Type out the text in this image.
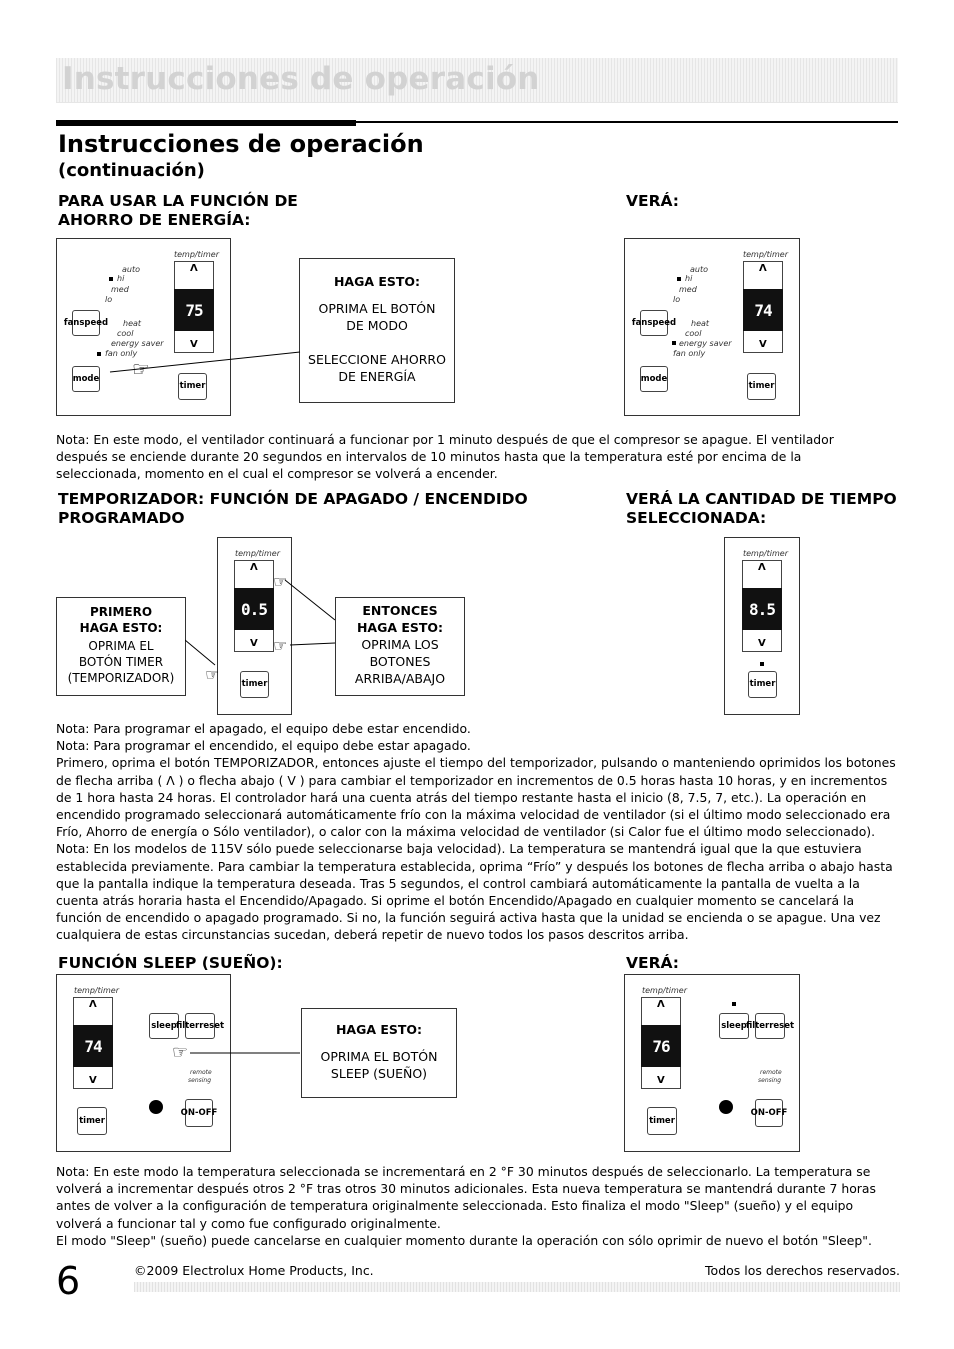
Instrucciones de operación
Instrucciones de operación
(continuación)
PARA USAR LA FUNCIÓN DE
AHORRO DE ENERGÍA:
VERÁ:
temp/timer
auto
hi
med
lo
fan speed heat
cool
energy saver
fan only
mode
Λ
75
V
timer
HAGA ESTO:
OPRIMA EL BOTÓN
DE MODO
SELECCIONE AHORRO
DE ENERGÍA
☞
temp/timer
auto
hi
med
lo
fan speed heat
cool
energy saver
fan only
mode
Λ
74
V
timer

Nota: En este modo, el ventilador continuará a funcionar por 1 minuto después de que el compresor se apague. El ventilador

después se enciende durante 20 segundos en intervalos de 10 minutos hasta que la temperatura esté por encima de la

seleccionada, momento en el cual el compresor se volverá a encender.

TEMPORIZADOR: FUNCIÓN DE APAGADO / ENCENDIDO
PROGRAMADO
VERÁ LA CANTIDAD DE TIEMPO
SELECCIONADA:
PRIMERO
HAGA ESTO:
OPRIMA EL
BOTÓN TIMER
(TEMPORIZADOR)
temp/timer
Λ
0.5
V
timer
☞
☞
☞
ENTONCES
HAGA ESTO:
OPRIMA LOS
BOTONES
ARRIBA/ABAJO
temp/timer
Λ
8.5
V
timer

Nota: Para programar el apagado, el equipo debe estar encendido.

Nota: Para programar el encendido, el equipo debe estar apagado.

Primero, oprima el botón TEMPORIZADOR, entonces ajuste el tiempo del temporizador, pulsando o manteniendo oprimidos los botones

de flecha arriba ( Λ ) o flecha abajo ( V ) para cambiar el temporizador en incrementos de 0.5 horas hasta 10 horas, y en incrementos

de 1 hora hasta 24 horas. El controlador hará una cuenta atrás del tiempo restante hasta el inicio (8, 7.5, 7, etc.). La operación en

encendido programado seleccionará automáticamente frío con la máxima velocidad de ventilador (si el último modo seleccionado era

Frío, Ahorro de energía o Sólo ventilador), o calor con la máxima velocidad de ventilador (si Calor fue el último modo seleccionado).

Nota: En los modelos de 115V sólo puede seleccionarse baja velocidad). La temperatura se mantendrá igual que la que estuviera

establecida previamente. Para cambiar la temperatura establecida, oprima “Frío” y después los botones de flecha arriba o abajo hasta

que la pantalla indique la temperatura deseada. Tras 5 segundos, el control cambiará automáticamente la pantalla de vuelta a la

cuenta atrás horaria hasta el Encendido/Apagado. Si oprime el botón Encendido/Apagado en cualquier momento se cancelará la

función de encendido o apagado programado. Si no, la función seguirá activa hasta que la unidad se encienda o se apague. Una vez

cualquiera de estas circunstancias sucedan, deberá repetir de nuevo todos los pasos descritos arriba.

FUNCIÓN SLEEP (SUEÑO):	VERÁ:
temp/timer
Λ
74
V
sleep filter reset
remote
sensing
timer
ON- OFF
☞
HAGA ESTO:
OPRIMA EL BOTÓN
SLEEP (SUEÑO)
temp/timer
Λ
76
V
sleep filter reset
remote
sensing
timer
ON- OFF

Nota: En este modo la temperatura seleccionada se incrementará en 2 °F 30 minutos después de seleccionarlo. La temperatura se

volverá a incrementar después otros 2 °F tras otros 30 minutos adicionales. Esta nueva temperatura se mantendrá durante 7 horas

antes de volver a la configuración de temperatura originalmente seleccionada. Esto finaliza el modo "Sleep" (sueño) y el equipo

volverá a funcionar tal y como fue configurado originalmente.

El modo "Sleep" (sueño) puede cancelarse en cualquier momento durante la operación con sólo oprimir de nuevo el botón "Sleep".

6	©2009 Electrolux Home Products, Inc.	Todos los derechos reservados.
